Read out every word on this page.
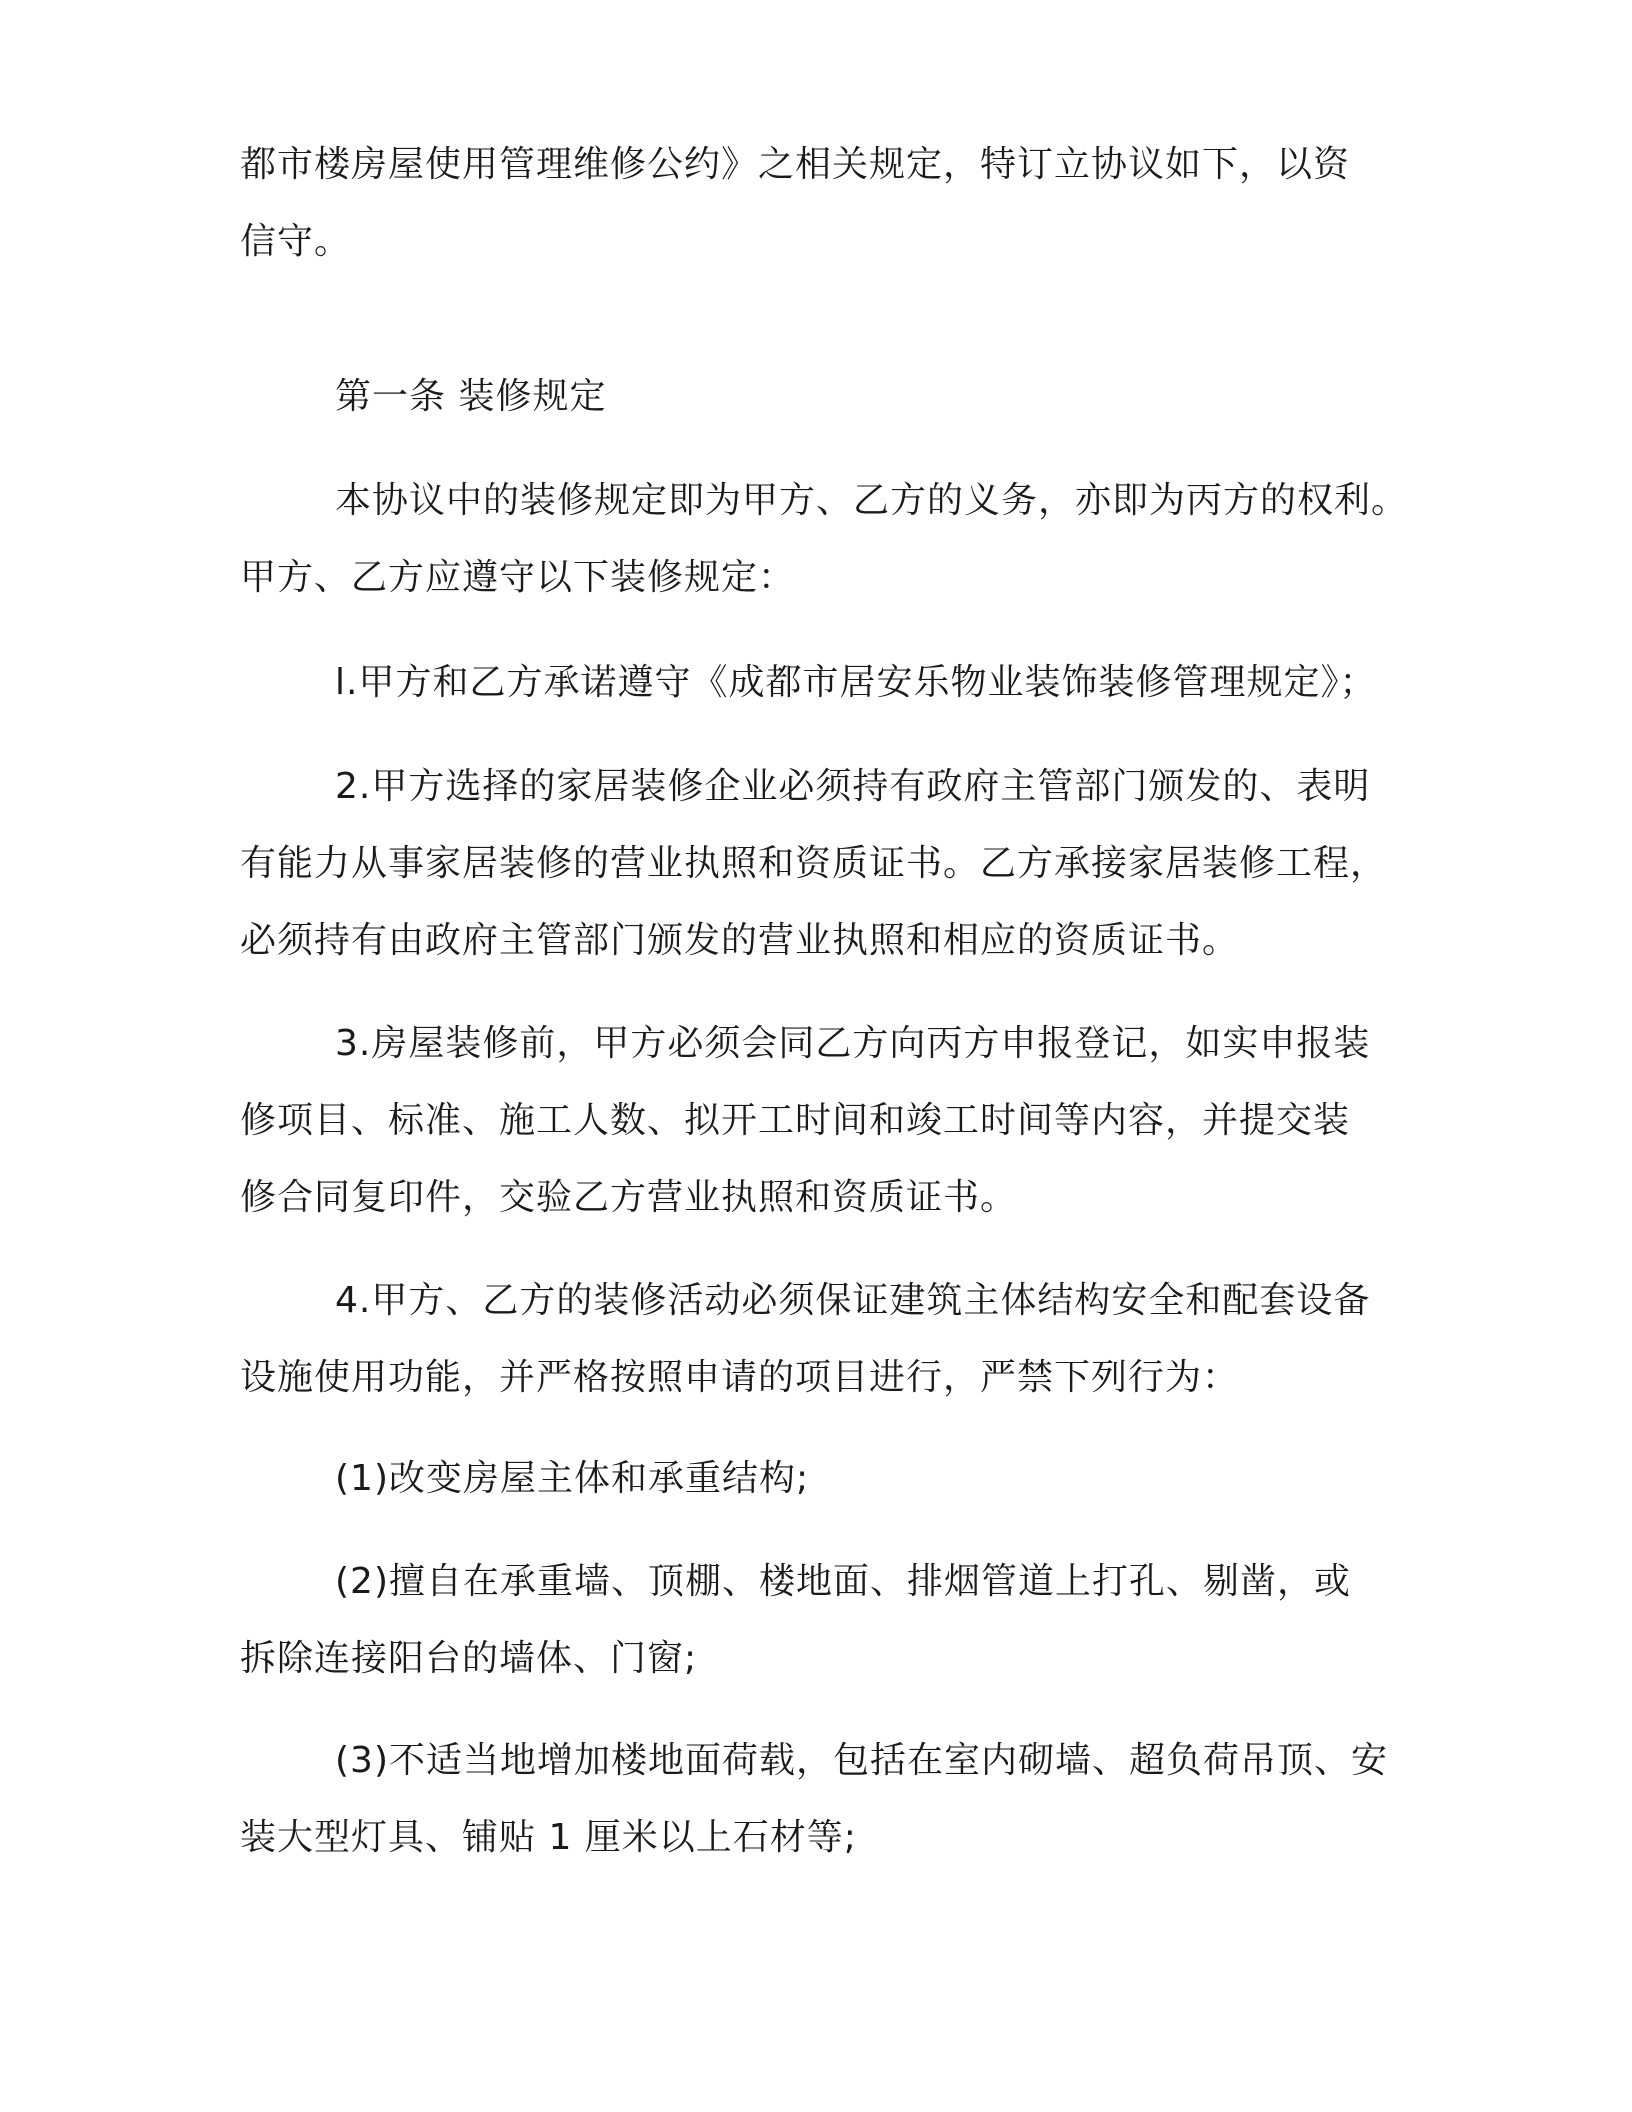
都市楼房屋使用管理维修公约》之相关规定，特订立协议如下，以资
信守。
第一条 装修规定
本协议中的装修规定即为甲方、乙方的义务，亦即为丙方的权利。
甲方、乙方应遵守以下装修规定：
l.甲方和乙方承诺遵守《成都市居安乐物业装饰装修管理规定》；
2.甲方选择的家居装修企业必须持有政府主管部门颁发的、表明
有能力从事家居装修的营业执照和资质证书。乙方承接家居装修工程，
必须持有由政府主管部门颁发的营业执照和相应的资质证书。
3.房屋装修前，甲方必须会同乙方向丙方申报登记，如实申报装
修项目、标准、施工人数、拟开工时间和竣工时间等内容，并提交装
修合同复印件，交验乙方营业执照和资质证书。
4.甲方、乙方的装修活动必须保证建筑主体结构安全和配套设备
设施使用功能，并严格按照申请的项目进行，严禁下列行为：
(1)改变房屋主体和承重结构;
(2)擅自在承重墙、顶棚、楼地面、排烟管道上打孔、剔凿，或
拆除连接阳台的墙体、门窗;
(3)不适当地增加楼地面荷载，包括在室内砌墙、超负荷吊顶、安
装大型灯具、铺贴 1 厘米以上石材等;
